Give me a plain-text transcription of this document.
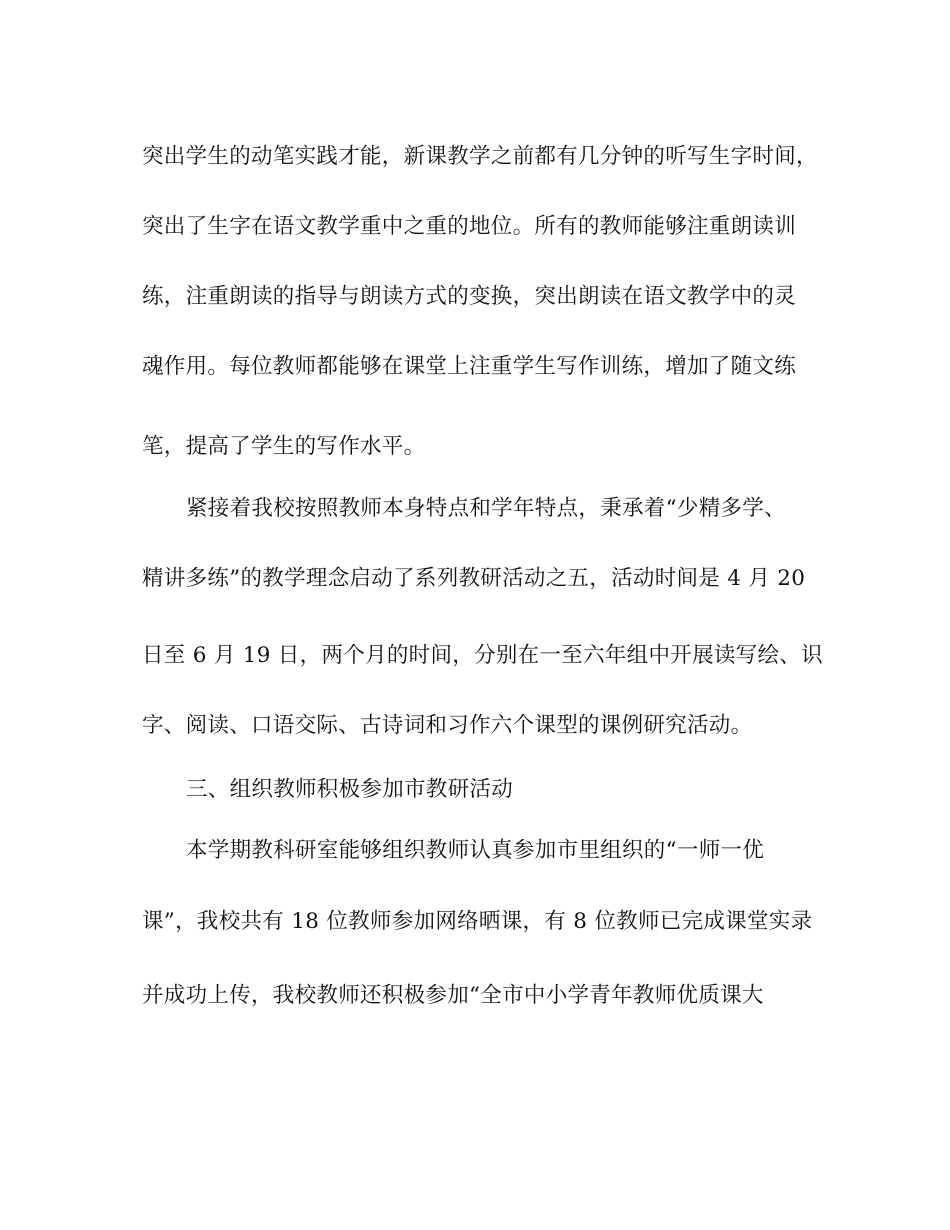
突出学生的动笔实践才能，新课教学之前都有几分钟的听写生字时间，
突出了生字在语文教学重中之重的地位。所有的教师能够注重朗读训
练，注重朗读的指导与朗读方式的变换，突出朗读在语文教学中的灵
魂作用。每位教师都能够在课堂上注重学生写作训练，增加了随文练
笔，提高了学生的写作水平。
紧接着我校按照教师本身特点和学年特点，秉承着“少精多学、
精讲多练”的教学理念启动了系列教研活动之五，活动时间是 4 月 20
日至 6 月 19 日，两个月的时间，分别在一至六年组中开展读写绘、识
字、阅读、口语交际、古诗词和习作六个课型的课例研究活动。
三、组织教师积极参加市教研活动
本学期教科研室能够组织教师认真参加市里组织的“一师一优
课”，我校共有 18 位教师参加网络晒课，有 8 位教师已完成课堂实录
并成功上传，我校教师还积极参加“全市中小学青年教师优质课大
